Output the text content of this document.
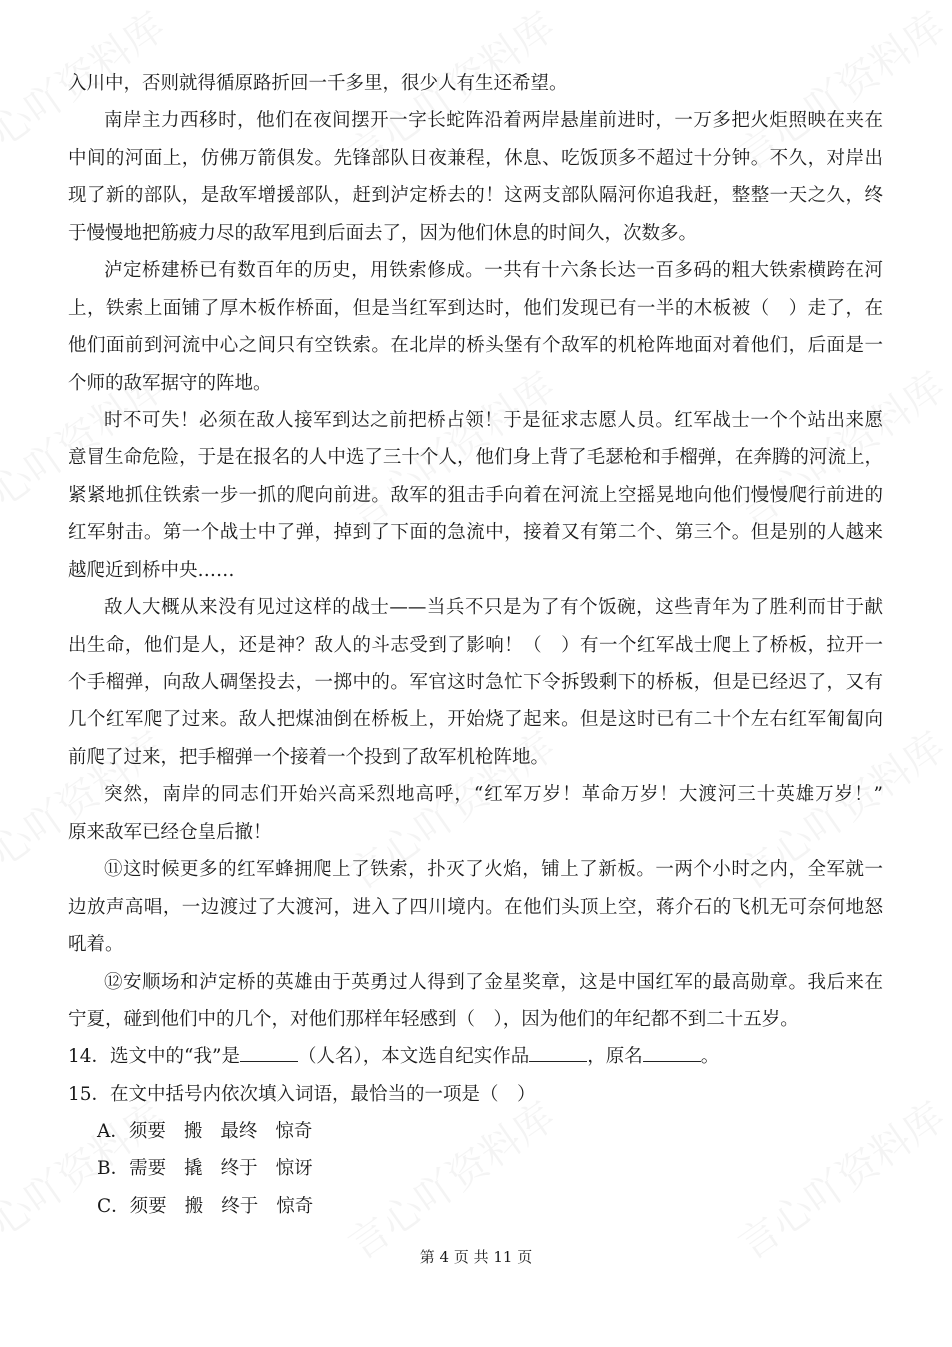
入川中，否则就得循原路折回一千多里，很少人有生还希望。
南岸主力西移时，他们在夜间摆开一字长蛇阵沿着两岸悬崖前进时，一万多把火炬照映在夹在
中间的河面上，仿佛万箭俱发。先锋部队日夜兼程，休息、吃饭顶多不超过十分钟。不久，对岸出
现了新的部队，是敌军增援部队，赶到泸定桥去的！这两支部队隔河你追我赶，整整一天之久，终
于慢慢地把筋疲力尽的敌军甩到后面去了，因为他们休息的时间久，次数多。
泸定桥建桥已有数百年的历史，用铁索修成。一共有十六条长达一百多码的粗大铁索横跨在河
上，铁索上面铺了厚木板作桥面，但是当红军到达时，他们发现已有一半的木板被（　）走了，在
他们面前到河流中心之间只有空铁索。在北岸的桥头堡有个敌军的机枪阵地面对着他们，后面是一
个师的敌军据守的阵地。
时不可失！必须在敌人接军到达之前把桥占领！于是征求志愿人员。红军战士一个个站出来愿
意冒生命危险，于是在报名的人中选了三十个人，他们身上背了毛瑟枪和手榴弹，在奔腾的河流上，
紧紧地抓住铁索一步一抓的爬向前进。敌军的狙击手向着在河流上空摇晃地向他们慢慢爬行前进的
红军射击。第一个战士中了弹，掉到了下面的急流中，接着又有第二个、第三个。但是别的人越来
越爬近到桥中央……
敌人大概从来没有见过这样的战士——当兵不只是为了有个饭碗，这些青年为了胜利而甘于献
出生命，他们是人，还是神？敌人的斗志受到了影响！（　）有一个红军战士爬上了桥板，拉开一
个手榴弹，向敌人碉堡投去，一掷中的。军官这时急忙下令拆毁剩下的桥板，但是已经迟了，又有
几个红军爬了过来。敌人把煤油倒在桥板上，开始烧了起来。但是这时已有二十个左右红军匍匐向
前爬了过来，把手榴弹一个接着一个投到了敌军机枪阵地。
突然，南岸的同志们开始兴高采烈地高呼，“红军万岁！革命万岁！大渡河三十英雄万岁！”
原来敌军已经仓皇后撤！
⑪这时候更多的红军蜂拥爬上了铁索，扑灭了火焰，铺上了新板。一两个小时之内，全军就一
边放声高唱，一边渡过了大渡河，进入了四川境内。在他们头顶上空，蒋介石的飞机无可奈何地怒
吼着。
⑫安顺场和泸定桥的英雄由于英勇过人得到了金星奖章，这是中国红军的最高勋章。我后来在
宁夏，碰到他们中的几个，对他们那样年轻感到（　），因为他们的年纪都不到二十五岁。
14．选文中的“我”是	（人名），本文选自纪实作品	，原名	。
15．在文中括号内依次填入词语，最恰当的一项是（　）
A．须要 搬 最终 惊奇
B．需要 撬 终于 惊讶
C．须要 搬 终于 惊奇
第 4 页 共 11 页
